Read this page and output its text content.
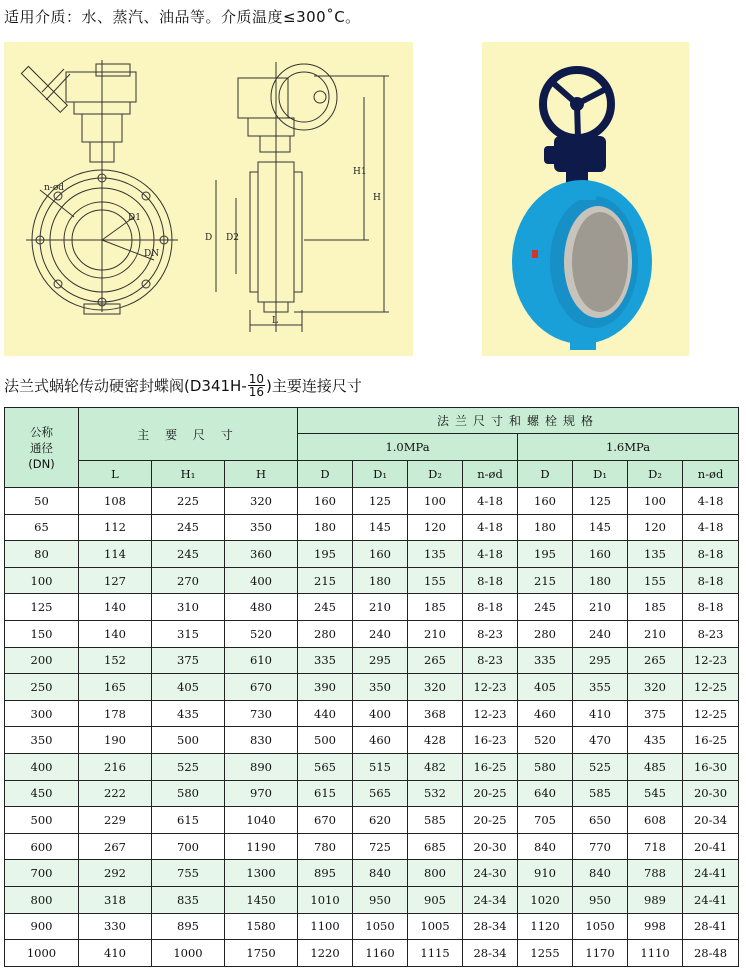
适用介质：水、蒸汽、油品等。介质温度≤300˚C。
n-ød
D1
DN
D D2
H1
H
L
法兰式蜗轮传动硬密封蝶阀($D341H- \frac{10}{16}$ )主要连接尺寸
公称
通径
(DN)	主 要 尺 寸			法兰尺寸和螺栓规格							
				1.0MPa				1.6MPa			
	L	H₁	H	D	D₁	D₂	n-ød	D	D₁	D₂	n-ød
50	108	225	320	160	125	100	4-18	160	125	100	4-18
65	112	245	350	180	145	120	4-18	180	145	120	4-18
80	114	245	360	195	160	135	4-18	195	160	135	8-18
100	127	270	400	215	180	155	8-18	215	180	155	8-18
125	140	310	480	245	210	185	8-18	245	210	185	8-18
150	140	315	520	280	240	210	8-23	280	240	210	8-23
200	152	375	610	335	295	265	8-23	335	295	265	12-23
250	165	405	670	390	350	320	12-23	405	355	320	12-25
300	178	435	730	440	400	368	12-23	460	410	375	12-25
350	190	500	830	500	460	428	16-23	520	470	435	16-25
400	216	525	890	565	515	482	16-25	580	525	485	16-30
450	222	580	970	615	565	532	20-25	640	585	545	20-30
500	229	615	1040	670	620	585	20-25	705	650	608	20-34
600	267	700	1190	780	725	685	20-30	840	770	718	20-41
700	292	755	1300	895	840	800	24-30	910	840	788	24-41
800	318	835	1450	1010	950	905	24-34	1020	950	989	24-41
900	330	895	1580	1100	1050	1005	28-34	1120	1050	998	28-41
1000	410	1000	1750	1220	1160	1115	28-34	1255	1170	1110	28-48
